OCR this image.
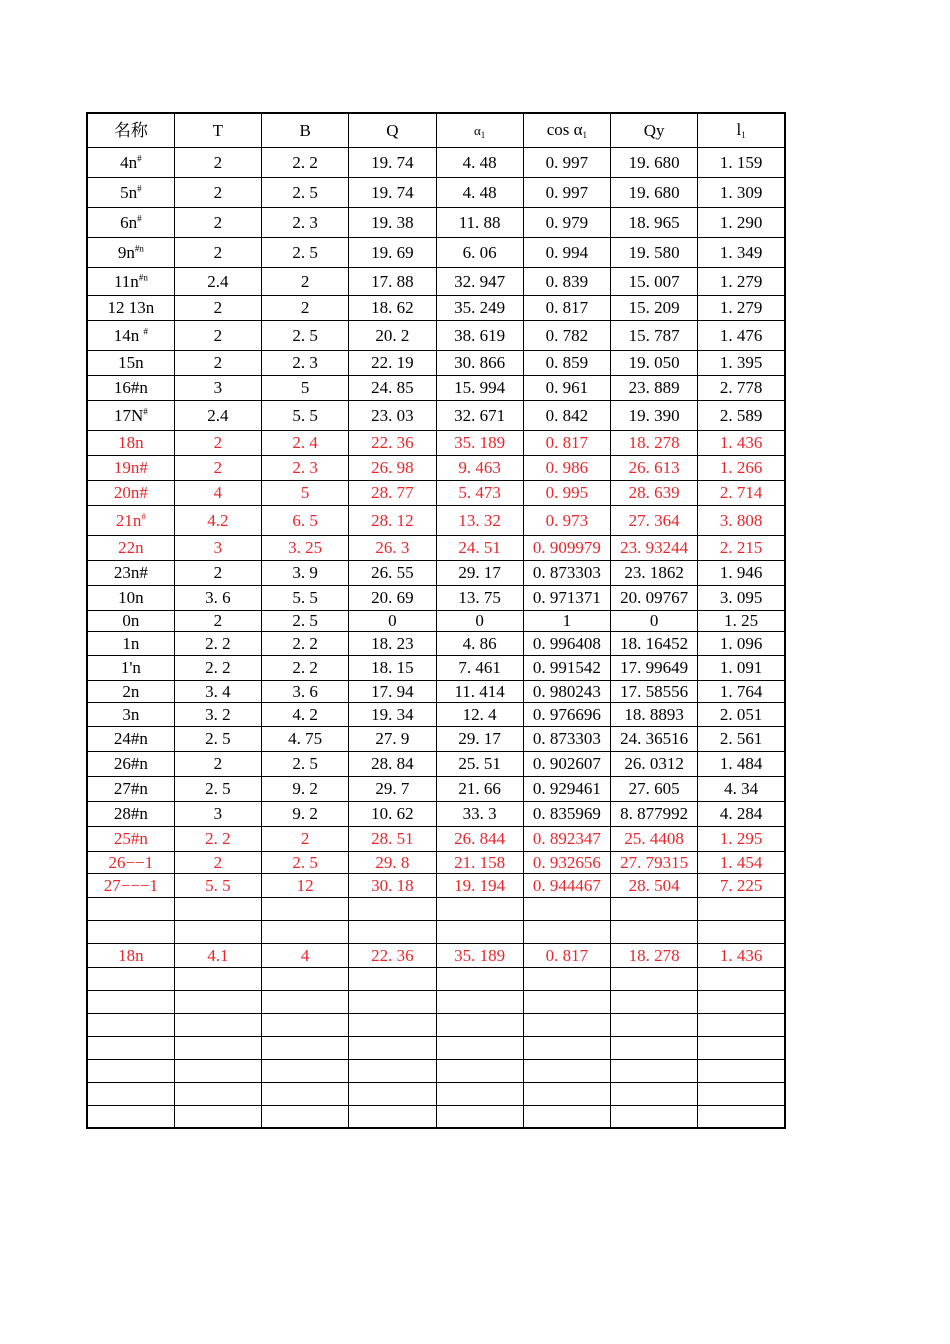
名称	T	B	Q	$\alpha_1$	$\cos \alpha_1$	Qy	$l_1$
4n#	2	2. 2	19. 74	4. 48	0. 997	19. 680	1. 159
5n#	2	2. 5	19. 74	4. 48	0. 997	19. 680	1. 309
6n#	2	2. 3	19. 38	11. 88	0. 979	18. 965	1. 290
$9n^{\#n}$	2	2. 5	19. 69	6. 06	0. 994	19. 580	1. 349
$11n^{\#n}$	2.4	2	17. 88	32. 947	0. 839	15. 007	1. 279
12 13n	2	2	18. 62	35. 249	0. 817	15. 209	1. 279
14n #	2	2. 5	20. 2	38. 619	0. 782	15. 787	1. 476
15n	2	2. 3	22. 19	30. 866	0. 859	19. 050	1. 395
16#n	3	5	24. 85	15. 994	0. 961	23. 889	2. 778
17N#	2.4	5. 5	23. 03	32. 671	0. 842	19. 390	2. 589
18n	2	2. 4	22. 36	35. 189	0. 817	18. 278	1. 436
19n#	2	2. 3	26. 98	9. 463	0. 986	26. 613	1. 266
20n#	4	5	28. 77	5. 473	0. 995	28. 639	2. 714
21n#	4.2	6. 5	28. 12	13. 32	0. 973	27. 364	3. 808
22n	3	3. 25	26. 3	24. 51	0. 909979	23. 93244	2. 215
23n#	2	3. 9	26. 55	29. 17	0. 873303	23. 1862	1. 946
10n	3. 6	5. 5	20. 69	13. 75	0. 971371	20. 09767	3. 095
0n	2	2. 5	0	0	1	0	1. 25
1n	2. 2	2. 2	18. 23	4. 86	0. 996408	18. 16452	1. 096
1'n	2. 2	2. 2	18. 15	7. 461	0. 991542	17. 99649	1. 091
2n	3. 4	3. 6	17. 94	11. 414	0. 980243	17. 58556	1. 764
3n	3. 2	4. 2	19. 34	12. 4	0. 976696	18. 8893	2. 051
24#n	2. 5	4. 75	27. 9	29. 17	0. 873303	24. 36516	2. 561
26#n	2	2. 5	28. 84	25. 51	0. 902607	26. 0312	1. 484
27#n	2. 5	9. 2	29. 7	21. 66	0. 929461	27. 605	4. 34
28#n	3	9. 2	10. 62	33. 3	0. 835969	8. 877992	4. 284
25#n	2. 2	2	28. 51	26. 844	0. 892347	25. 4408	1. 295
26−−1	2	2. 5	29. 8	21. 158	0. 932656	27. 79315	1. 454
27−−−1	5. 5	12	30. 18	19. 194	0. 944467	28. 504	7. 225

18n	4.1	4	22. 36	35. 189	0. 817	18. 278	1. 436
